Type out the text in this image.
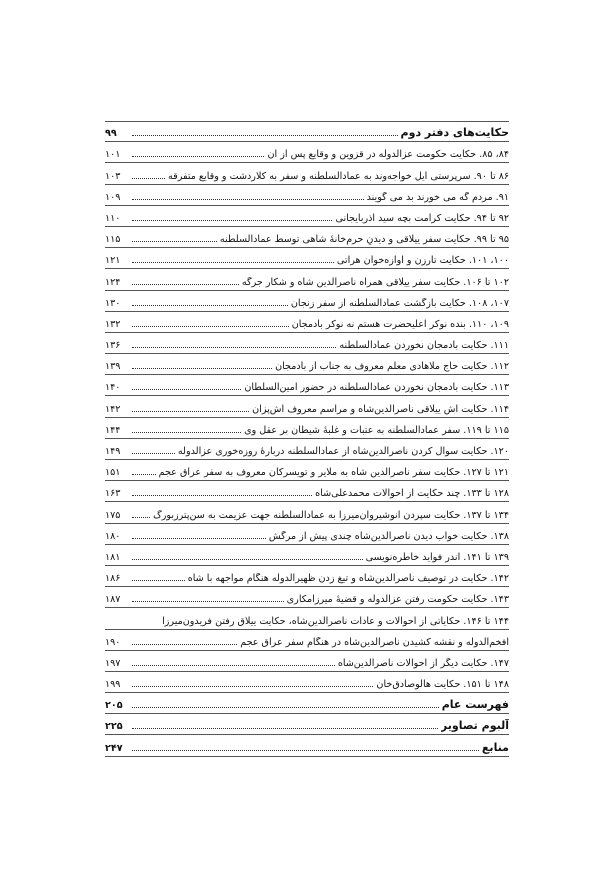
حکایت‌های دفتر دوم
۹۹
۸۴، ۸۵. حکایت حکومت عزالدوله در قزوین و وقایع پس از آن
۱۰۱
۸۶ تا ۹۰. سرپرستی ایل خواجه‌وند به عمادالسلطنه و سفر به کلاردشت و وقایع متفرقه
۱۰۳
۹۱. مردم گُه می خورند بد می گویند
۱۰۹
۹۲ تا ۹۴. حکایت کرامت بچه سید آذربایجانی
۱۱۰
۹۵ تا ۹۹. حکایت سفر ییلاقی و دیدنِ حرم‌خانهٔ شاهی توسط عمادالسلطنه
۱۱۵
۱۰۰، ۱۰۱. حکایت تارزن و آوازه‌خوان هراتی
۱۲۱
۱۰۲ تا ۱۰۶. حکایت سفر ییلاقی همراه ناصرالدین شاه و شکار جرگه
۱۲۴
۱۰۷، ۱۰۸. حکایت بازگشت عمادالسلطنه از سفر زنجان
۱۳۰
۱۰۹، ۱۱۰. بنده نوکر اعلیحضرت هستم نه نوکر بادمجان
۱۳۲
۱۱۱. حکایت بادمجان نخوردن عمادالسلطنه
۱۳۶
۱۱۲. حکایت حاج ملاهادی معلم معروف به جناب از بادمجان
۱۳۹
۱۱۳. حکایت بادمجان نخوردن عمادالسلطنه در حضور امین‌السلطان
۱۴۰
۱۱۴. حکایت آش ییلاقی ناصرالدین‌شاه و مراسم معروف آش‌پزان
۱۴۲
۱۱۵ تا ۱۱۹. سفر عمادالسلطنه به عتبات و غلبهٔ شیطان بر عقل وی
۱۴۴
۱۲۰. حکایت سوال کردن ناصرالدین‌شاه از عمادالسلطنه دربارهٔ روزه‌خوری عزالدوله
۱۴۹
۱۲۱ تا ۱۲۷. حکایت سفر ناصرالدین شاه به ملایر و تویسرکان معروف به سفر عراق عجم
۱۵۱
۱۲۸ تا ۱۳۳. چند حکایت از احوالات محمدعلی‌شاه
۱۶۳
۱۳۴ تا ۱۳۷. حکایت سپردن انوشیروان‌میرزا به عمادالسلطنه جهت عزیمت به سن‌پترزبورگ
۱۷۵
۱۳۸. حکایت خواب دیدن ناصرالدین‌شاه چندی پیش از مرگش
۱۸۰
۱۳۹ تا ۱۴۱. اندر فواید خاطره‌نویسی
۱۸۱
۱۴۲. حکایت در توصیف ناصرالدین‌شاه و تیغ زدن ظهیرالدوله هنگام مواجهه با شاه
۱۸۶
۱۴۳. حکایت حکومت رفتن عزالدوله و قضیهٔ میرزامکاری
۱۸۷
۱۴۴ تا ۱۴۶. حکایاتی از احوالات و عادات ناصرالدین‌شاه، حکایت ییلاق رفتن فریدون‌میرزا
افخم‌الدوله و نقشه کشیدن ناصرالدین‌شاه در هنگام سفر عراق عجم
۱۹۰
۱۴۷. حکایت دیگر از احوالات ناصرالدین‌شاه
۱۹۷
۱۴۸ تا ۱۵۱. حکایت هالوصادق‌خان
۱۹۹
فهرست عام
۲۰۵
آلبوم تصاویر
۲۲۵
منابع
۲۴۷
